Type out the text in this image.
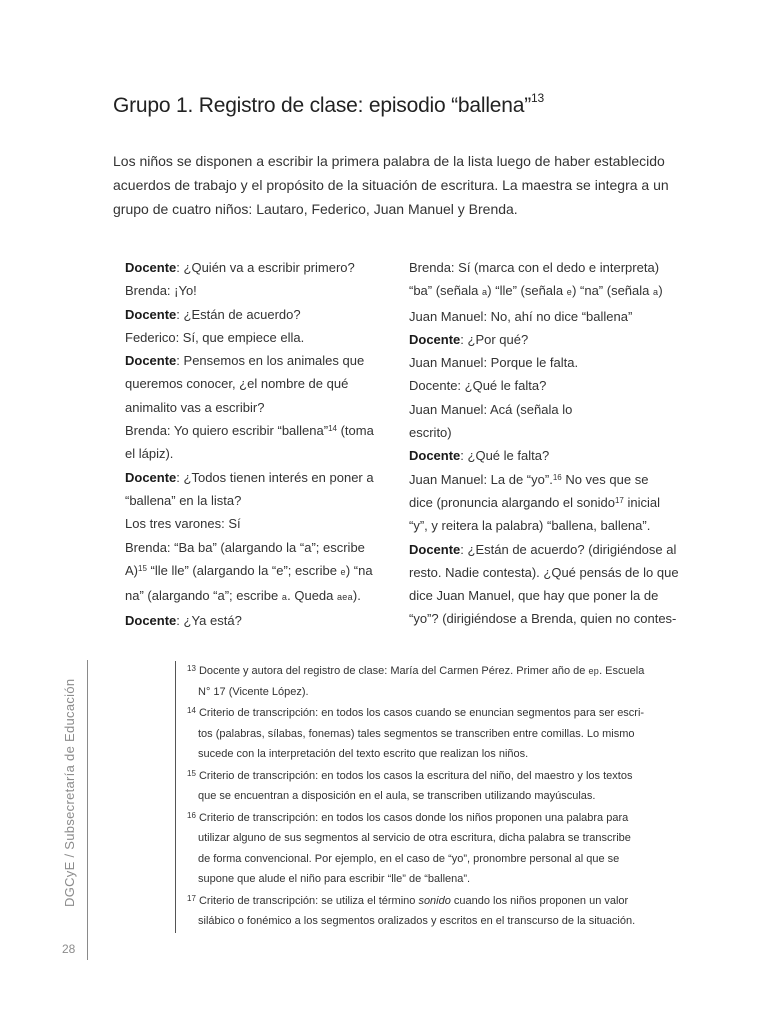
Grupo 1. Registro de clase: episodio “ballena”$^{13}$

Los niños se disponen a escribir la primera palabra de la lista luego de haber establecido acuerdos de trabajo y el propósito de la situación de escritura. La maestra se integra a un grupo de cuatro niños: Lautaro, Federico, Juan Manuel y Brenda.

Docente: ¿Quién va a escribir primero?
Brenda: ¡Yo!
Docente: ¿Están de acuerdo?
Federico: Sí, que empiece ella.
Docente: Pensemos en los animales que
queremos conocer, ¿el nombre de qué
animalito vas a escribir?
Brenda: Yo quiero escribir “ballena”$^{14}$ (toma
el lápiz).
Docente: ¿Todos tienen interés en poner a
“ballena” en la lista?
Los tres varones: Sí
Brenda: “Ba ba” (alargando la “a”; escribe
A)$^{15}$ “lle lle” (alargando la “e”; escribe e) “na
na” (alargando “a”; escribe a. Queda aea).
Docente: ¿Ya está?
Brenda: Sí (marca con el dedo e interpreta)
“ba” (señala a) “lle” (señala e) “na” (señala a)
Juan Manuel: No, ahí no dice “ballena”
Docente: ¿Por qué?
Juan Manuel: Porque le falta.
Docente: ¿Qué le falta?
Juan Manuel: Acá (señala lo
escrito)
Docente: ¿Qué le falta?
Juan Manuel: La de “yo”.$^{16}$ No ves que se
dice (pronuncia alargando el sonido$^{17}$ inicial
“y”, y reitera la palabra) “ballena, ballena”.
Docente: ¿Están de acuerdo? (dirigiéndose al
resto. Nadie contesta). ¿Qué pensás de lo que
dice Juan Manuel, que hay que poner la de
“yo”? (dirigiéndose a Brenda, quien no contes-
$^{13}$ Docente y autora del registro de clase: María del Carmen Pérez. Primer año de ep. Escuela
N° 17 (Vicente López).
$^{14}$ Criterio de transcripción: en todos los casos cuando se enuncian segmentos para ser escri-
tos (palabras, sílabas, fonemas) tales segmentos se transcriben entre comillas. Lo mismo
sucede con la interpretación del texto escrito que realizan los niños.
$^{15}$ Criterio de transcripción: en todos los casos la escritura del niño, del maestro y los textos
que se encuentran a disposición en el aula, se transcriben utilizando mayúsculas.
$^{16}$ Criterio de transcripción: en todos los casos donde los niños proponen una palabra para
utilizar alguno de sus segmentos al servicio de otra escritura, dicha palabra se transcribe
de forma convencional. Por ejemplo, en el caso de “yo”, pronombre personal al que se
supone que alude el niño para escribir “lle” de “ballena”.
$^{17}$ Criterio de transcripción: se utiliza el término sonido cuando los niños proponen un valor
silábico o fonémico a los segmentos oralizados y escritos en el transcurso de la situación.
DGCyE / Subsecretaría de Educación
28
